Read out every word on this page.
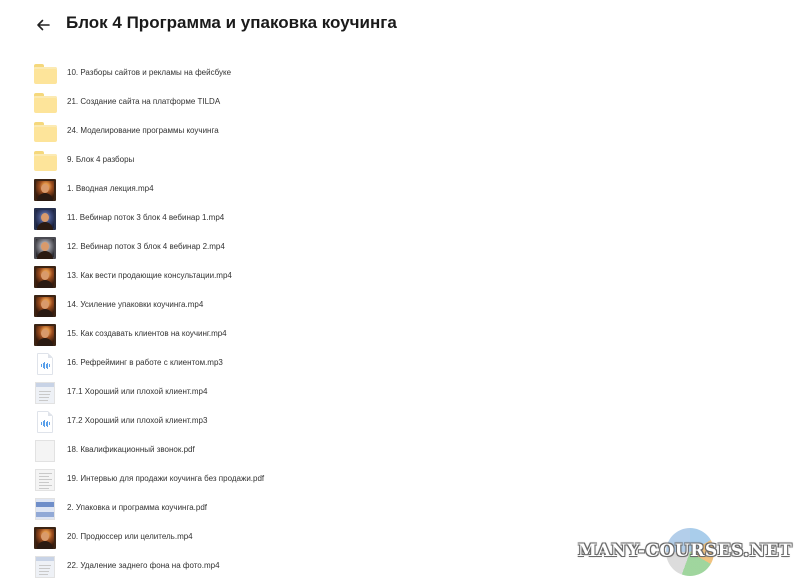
Блок 4 Программа и упаковка коучинга
10. Разборы сайтов и рекламы на фейсбуке
21. Создание сайта на платформе TILDA
24. Моделирование программы коучинга
9. Блок 4 разборы
1. Вводная лекция.mp4
11. Вебинар поток 3 блок 4 вебинар 1.mp4
12. Вебинар поток 3 блок 4 вебинар 2.mp4
13. Как вести продающие консультации.mp4
14. Усиление упаковки коучинга.mp4
15. Как создавать клиентов на коучинг.mp4
16. Рефрейминг в работе с клиентом.mp3
17.1 Хороший или плохой клиент.mp4
17.2 Хороший или плохой клиент.mp3
18. Квалификационный звонок.pdf
19. Интервью для продажи коучинга без продажи.pdf
2. Упаковка и программа коучинга.pdf
20. Продюссер или целитель.mp4
22. Удаление заднего фона на фото.mp4
MANY-COURSES.NET
